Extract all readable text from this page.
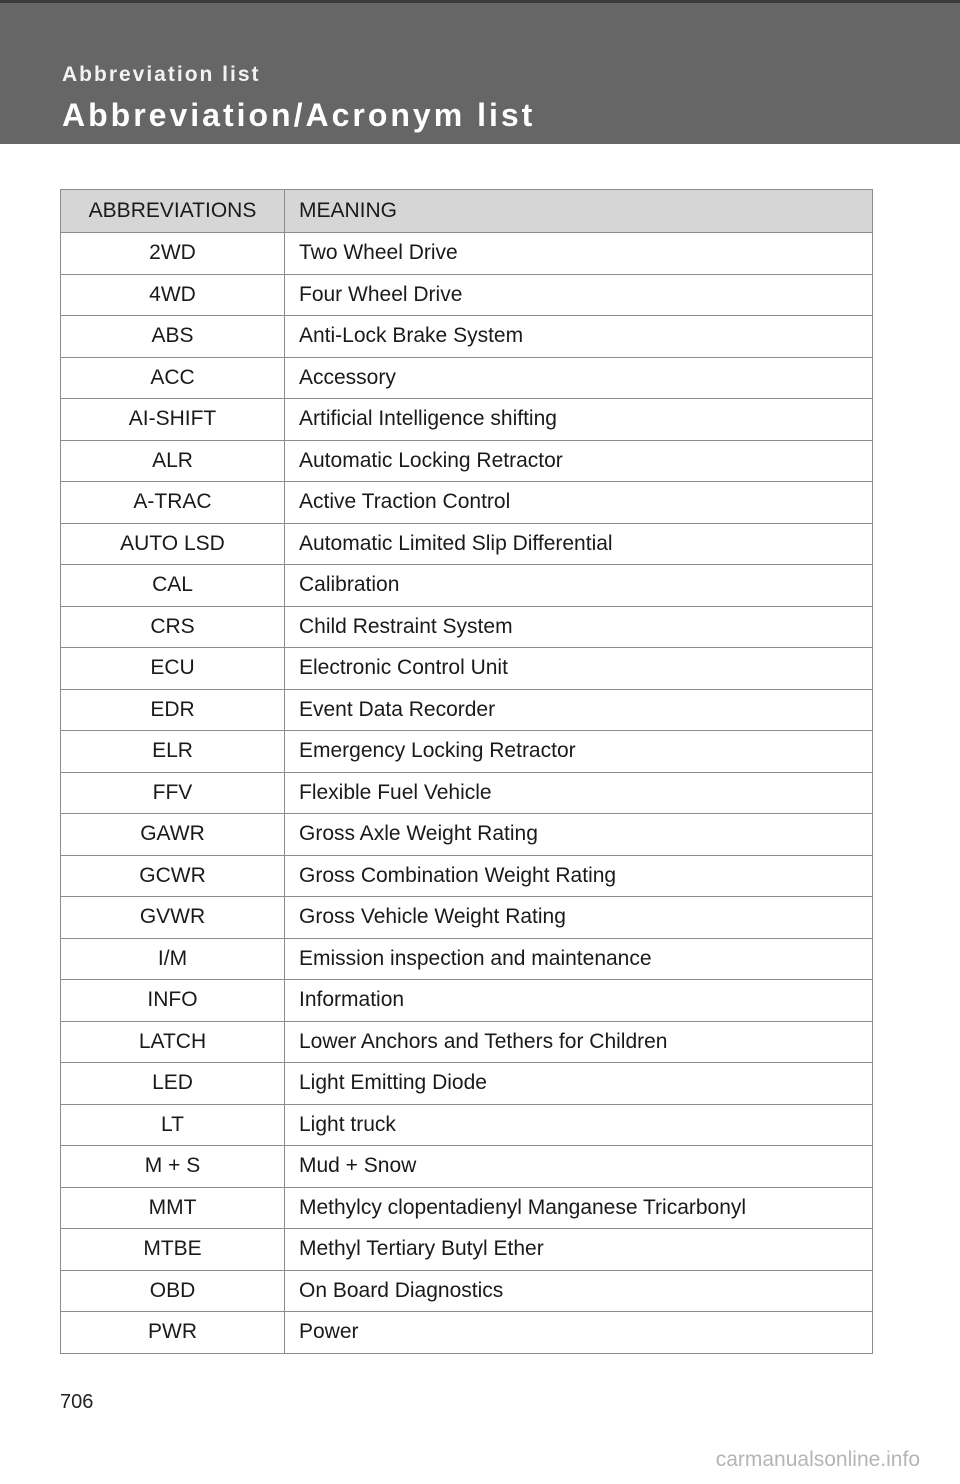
Abbreviation list
Abbreviation/Acronym list
ABBREVIATIONS	MEANING
2WD	Two Wheel Drive
4WD	Four Wheel Drive
ABS	Anti-Lock Brake System
ACC	Accessory
AI-SHIFT	Artificial Intelligence shifting
ALR	Automatic Locking Retractor
A-TRAC	Active Traction Control
AUTO LSD	Automatic Limited Slip Differential
CAL	Calibration
CRS	Child Restraint System
ECU	Electronic Control Unit
EDR	Event Data Recorder
ELR	Emergency Locking Retractor
FFV	Flexible Fuel Vehicle
GAWR	Gross Axle Weight Rating
GCWR	Gross Combination Weight Rating
GVWR	Gross Vehicle Weight Rating
I/M	Emission inspection and maintenance
INFO	Information
LATCH	Lower Anchors and Tethers for Children
LED	Light Emitting Diode
LT	Light truck
M + S	Mud + Snow
MMT	Methylcy clopentadienyl Manganese Tricarbonyl
MTBE	Methyl Tertiary Butyl Ether
OBD	On Board Diagnostics
PWR	Power
706
carmanualsonline.info
